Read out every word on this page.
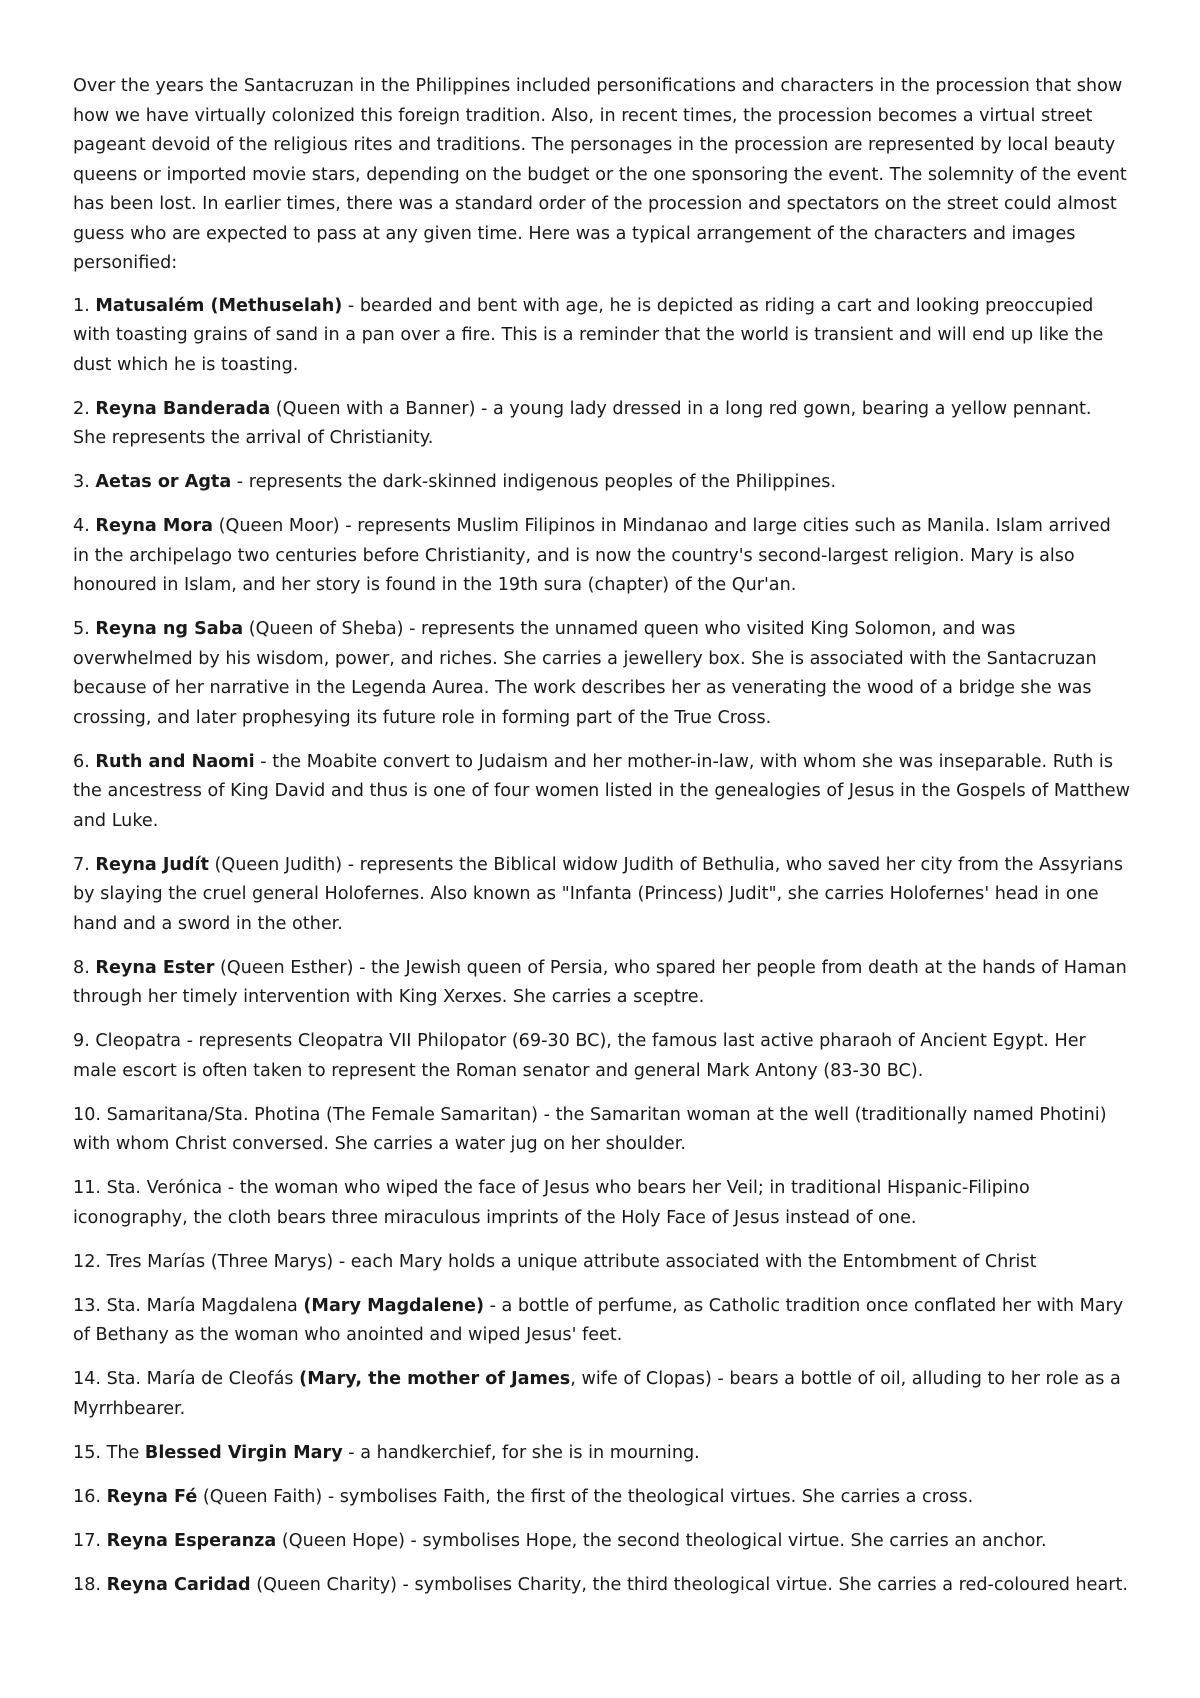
Over the years the Santacruzan in the Philippines included personifications and characters in the procession that show how we have virtually colonized this foreign tradition. Also, in recent times, the procession becomes a virtual street pageant devoid of the religious rites and traditions. The personages in the procession are represented by local beauty queens or imported movie stars, depending on the budget or the one sponsoring the event. The solemnity of the event has been lost. In earlier times, there was a standard order of the procession and spectators on the street could almost guess who are expected to pass at any given time. Here was a typical arrangement of the characters and images personified:

1. Matusalém (Methuselah) - bearded and bent with age, he is depicted as riding a cart and looking preoccupied with toasting grains of sand in a pan over a fire. This is a reminder that the world is transient and will end up like the dust which he is toasting.

2. Reyna Banderada (Queen with a Banner) - a young lady dressed in a long red gown, bearing a yellow pennant. She represents the arrival of Christianity.

3. Aetas or Agta - represents the dark-skinned indigenous peoples of the Philippines.

4. Reyna Mora (Queen Moor) - represents Muslim Filipinos in Mindanao and large cities such as Manila. Islam arrived in the archipelago two centuries before Christianity, and is now the country's second-largest religion. Mary is also honoured in Islam, and her story is found in the 19th sura (chapter) of the Qur'an.

5. Reyna ng Saba (Queen of Sheba) - represents the unnamed queen who visited King Solomon, and was overwhelmed by his wisdom, power, and riches. She carries a jewellery box. She is associated with the Santacruzan because of her narrative in the Legenda Aurea. The work describes her as venerating the wood of a bridge she was crossing, and later prophesying its future role in forming part of the True Cross.

6. Ruth and Naomi - the Moabite convert to Judaism and her mother-in-law, with whom she was inseparable. Ruth is the ancestress of King David and thus is one of four women listed in the genealogies of Jesus in the Gospels of Matthew and Luke.

7. Reyna Judít (Queen Judith) - represents the Biblical widow Judith of Bethulia, who saved her city from the Assyrians by slaying the cruel general Holofernes. Also known as "Infanta (Princess) Judit", she carries Holofernes' head in one hand and a sword in the other.

8. Reyna Ester (Queen Esther) - the Jewish queen of Persia, who spared her people from death at the hands of Haman through her timely intervention with King Xerxes. She carries a sceptre.

9. Cleopatra - represents Cleopatra VII Philopator (69-30 BC), the famous last active pharaoh of Ancient Egypt. Her male escort is often taken to represent the Roman senator and general Mark Antony (83-30 BC).

10. Samaritana/Sta. Photina (The Female Samaritan) - the Samaritan woman at the well (traditionally named Photini) with whom Christ conversed. She carries a water jug on her shoulder.

11. Sta. Verónica - the woman who wiped the face of Jesus who bears her Veil; in traditional Hispanic-Filipino iconography, the cloth bears three miraculous imprints of the Holy Face of Jesus instead of one.

12. Tres Marías (Three Marys) - each Mary holds a unique attribute associated with the Entombment of Christ

13. Sta. María Magdalena (Mary Magdalene) - a bottle of perfume, as Catholic tradition once conflated her with Mary of Bethany as the woman who anointed and wiped Jesus' feet.

14. Sta. María de Cleofás (Mary, the mother of James, wife of Clopas) - bears a bottle of oil, alluding to her role as a Myrrhbearer.

15. The Blessed Virgin Mary - a handkerchief, for she is in mourning.

16. Reyna Fé (Queen Faith) - symbolises Faith, the first of the theological virtues. She carries a cross.

17. Reyna Esperanza (Queen Hope) - symbolises Hope, the second theological virtue. She carries an anchor.

18. Reyna Caridad (Queen Charity) - symbolises Charity, the third theological virtue. She carries a red-coloured heart.
